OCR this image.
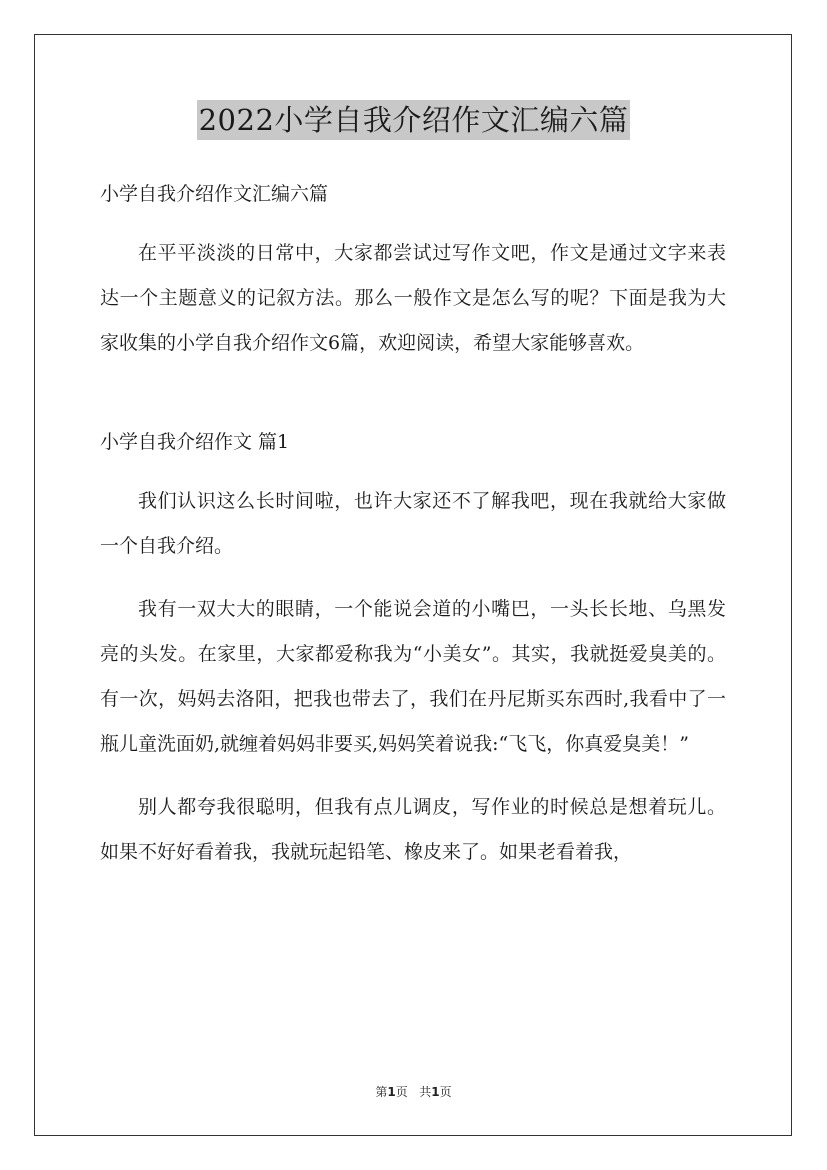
2022小学自我介绍作文汇编六篇

小学自我介绍作文汇编六篇

在平平淡淡的日常中，大家都尝试过写作文吧，作文是通过文字来表达一个主题意义的记叙方法。那么一般作文是怎么写的呢？下面是我为大家收集的小学自我介绍作文6篇，欢迎阅读，希望大家能够喜欢。

小学自我介绍作文 篇1

我们认识这么长时间啦，也许大家还不了解我吧，现在我就给大家做一个自我介绍。

我有一双大大的眼睛，一个能说会道的小嘴巴，一头长长地、乌黑发亮的头发。在家里，大家都爱称我为“小美女”。其实，我就挺爱臭美的。有一次，妈妈去洛阳，把我也带去了，我们在丹尼斯买东西时,我看中了一瓶儿童洗面奶,就缠着妈妈非要买,妈妈笑着说我:“飞飞，你真爱臭美！”

别人都夸我很聪明，但我有点儿调皮，写作业的时候总是想着玩儿。如果不好好看着我，我就玩起铅笔、橡皮来了。如果老看着我，

第1页 共1页
